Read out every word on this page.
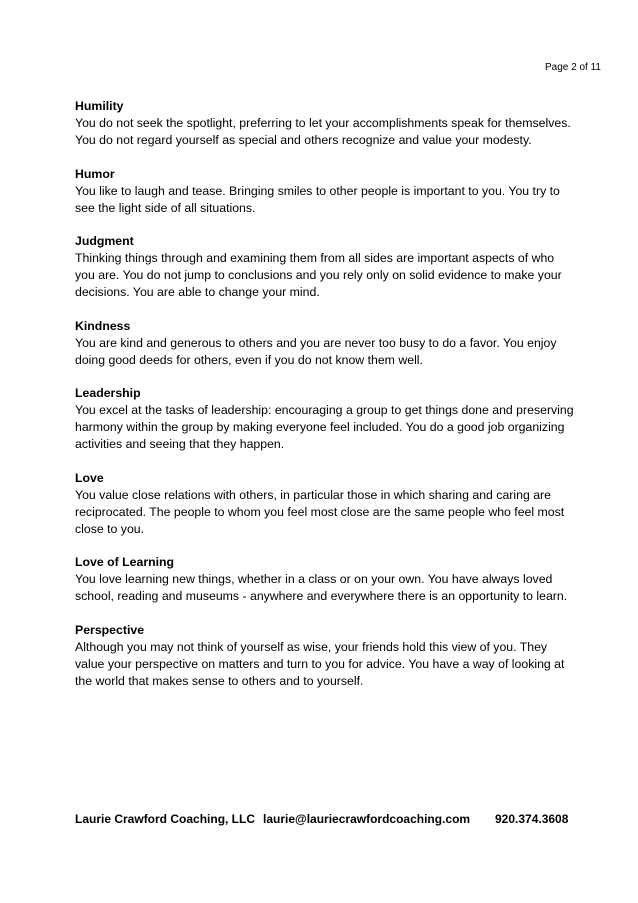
Page 2 of 11
Humility
You do not seek the spotlight, preferring to let your accomplishments speak for themselves. You do not regard yourself as special and others recognize and value your modesty.
Humor
You like to laugh and tease. Bringing smiles to other people is important to you. You try to see the light side of all situations.
Judgment
Thinking things through and examining them from all sides are important aspects of who you are. You do not jump to conclusions and you rely only on solid evidence to make your decisions. You are able to change your mind.
Kindness
You are kind and generous to others and you are never too busy to do a favor. You enjoy doing good deeds for others, even if you do not know them well.
Leadership
You excel at the tasks of leadership: encouraging a group to get things done and preserving harmony within the group by making everyone feel included. You do a good job organizing activities and seeing that they happen.
Love
You value close relations with others, in particular those in which sharing and caring are reciprocated. The people to whom you feel most close are the same people who feel most close to you.
Love of Learning
You love learning new things, whether in a class or on your own. You have always loved school, reading and museums - anywhere and everywhere there is an opportunity to learn.
Perspective
Although you may not think of yourself as wise, your friends hold this view of you. They value your perspective on matters and turn to you for advice. You have a way of looking at the world that makes sense to others and to yourself.
Laurie Crawford Coaching, LLC laurie@lauriecrawfordcoaching.com 920.374.3608
